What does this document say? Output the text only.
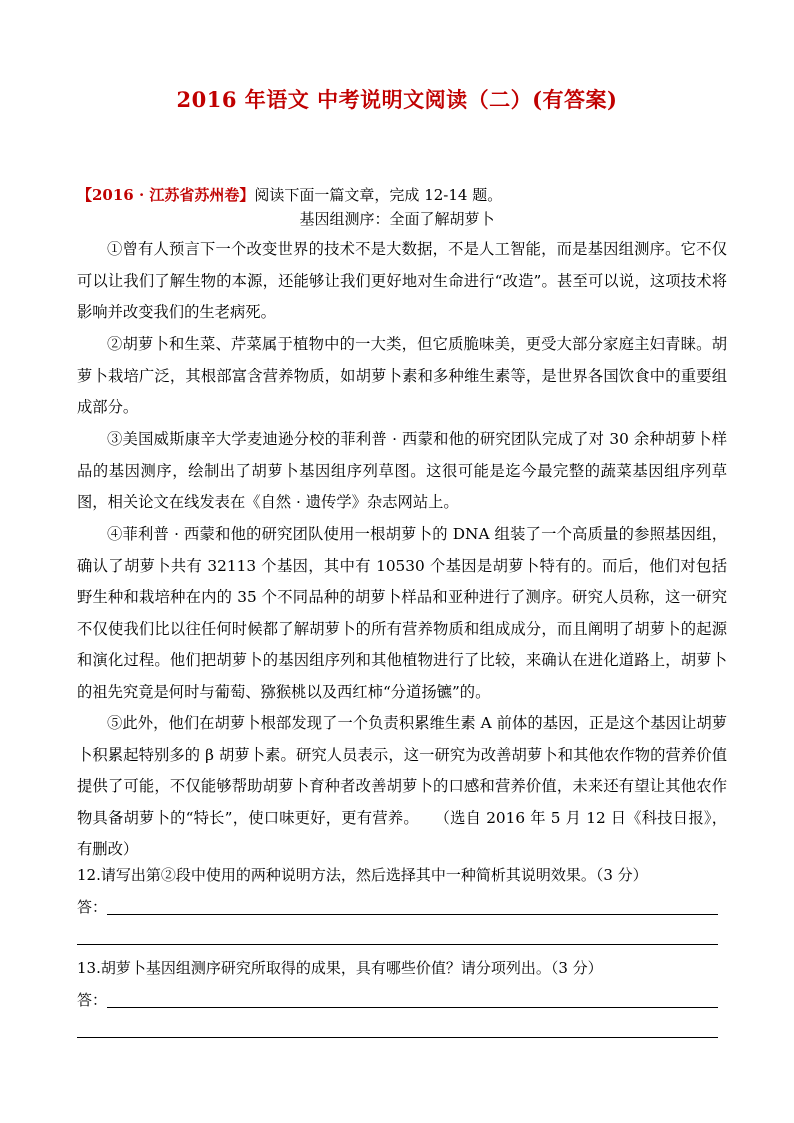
2016 年语文 中考说明文阅读（二）(有答案)
【2016 · 江苏省苏州卷】阅读下面一篇文章，完成 12-14 题。
基因组测序：全面了解胡萝卜
①曾有人预言下一个改变世界的技术不是大数据，不是人工智能，而是基因组测序。它不仅可以让我们了解生物的本源，还能够让我们更好地对生命进行“改造”。甚至可以说，这项技术将影响并改变我们的生老病死。
②胡萝卜和生菜、芹菜属于植物中的一大类，但它质脆味美，更受大部分家庭主妇青睐。胡萝卜栽培广泛，其根部富含营养物质，如胡萝卜素和多种维生素等，是世界各国饮食中的重要组成部分。
③美国威斯康辛大学麦迪逊分校的菲利普 · 西蒙和他的研究团队完成了对 30 余种胡萝卜样品的基因测序，绘制出了胡萝卜基因组序列草图。这很可能是迄今最完整的蔬菜基因组序列草图，相关论文在线发表在《自然 · 遗传学》杂志网站上。
④菲利普 · 西蒙和他的研究团队使用一根胡萝卜的 DNA 组装了一个高质量的参照基因组，确认了胡萝卜共有 32113 个基因，其中有 10530 个基因是胡萝卜特有的。而后，他们对包括野生种和栽培种在内的 35 个不同品种的胡萝卜样品和亚种进行了测序。研究人员称，这一研究不仅使我们比以往任何时候都了解胡萝卜的所有营养物质和组成成分，而且阐明了胡萝卜的起源和演化过程。他们把胡萝卜的基因组序列和其他植物进行了比较，来确认在进化道路上，胡萝卜的祖先究竟是何时与葡萄、猕猴桃以及西红柿“分道扬镳”的。
⑤此外，他们在胡萝卜根部发现了一个负责积累维生素 A 前体的基因，正是这个基因让胡萝卜积累起特别多的 β 胡萝卜素。研究人员表示，这一研究为改善胡萝卜和其他农作物的营养价值提供了可能，不仅能够帮助胡萝卜育种者改善胡萝卜的口感和营养价值，未来还有望让其他农作物具备胡萝卜的“特长”，使口味更好，更有营养。　　（选自 2016 年 5 月 12 日《科技日报》，有删改）
12.请写出第②段中使用的两种说明方法，然后选择其中一种简析其说明效果。（3 分）
答：
13.胡萝卜基因组测序研究所取得的成果，具有哪些价值？请分项列出。（3 分）
答：
